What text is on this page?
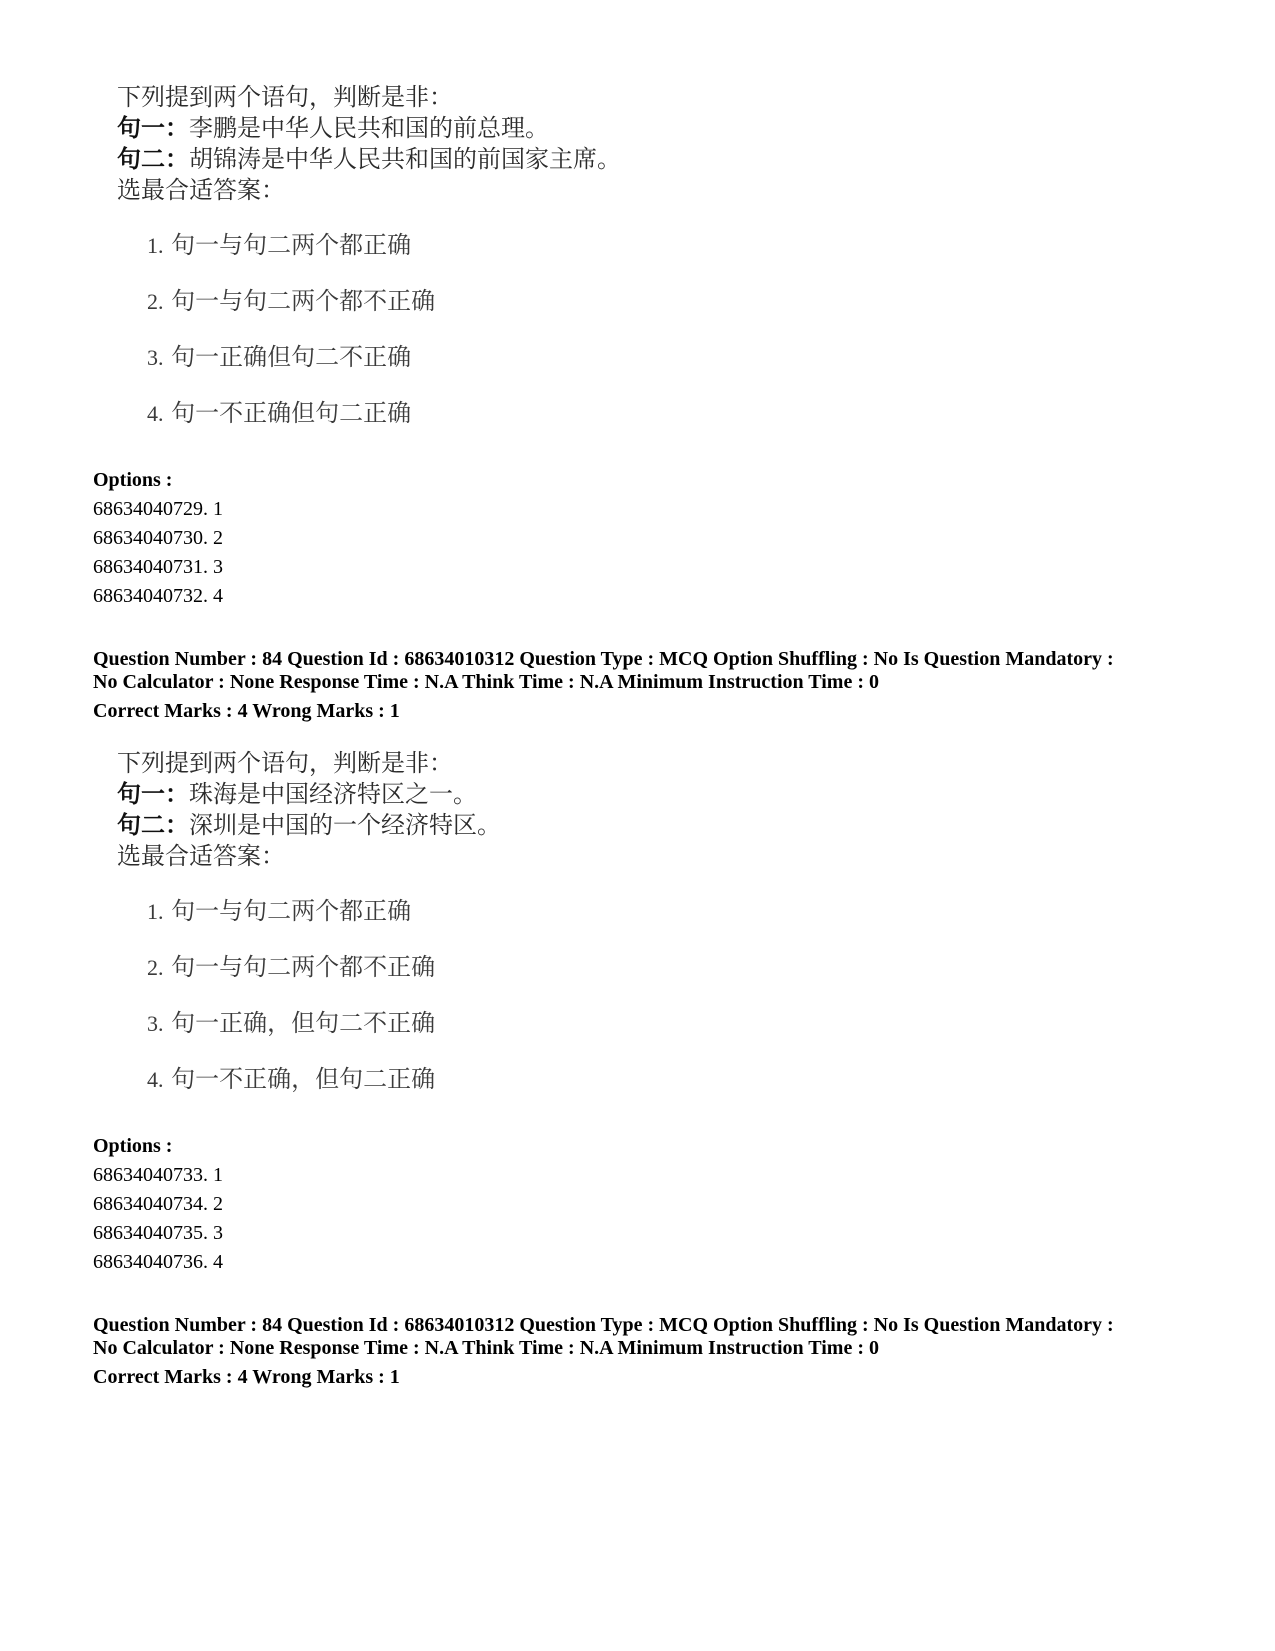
下列提到两个语句，判断是非：
句一：李鹏是中华人民共和国的前总理。
句二：胡锦涛是中华人民共和国的前国家主席。
选最合适答案：
1. 句一与句二两个都正确
2. 句一与句二两个都不正确
3. 句一正确但句二不正确
4. 句一不正确但句二正确
Options :
68634040729. 1
68634040730. 2
68634040731. 3
68634040732. 4
Question Number : 84 Question Id : 68634010312 Question Type : MCQ Option Shuffling : No Is Question Mandatory :
No Calculator : None Response Time : N.A Think Time : N.A Minimum Instruction Time : 0
Correct Marks : 4 Wrong Marks : 1
下列提到两个语句，判断是非：
句一：珠海是中国经济特区之一。
句二：深圳是中国的一个经济特区。
选最合适答案：
1. 句一与句二两个都正确
2. 句一与句二两个都不正确
3. 句一正确，但句二不正确
4. 句一不正确，但句二正确
Options :
68634040733. 1
68634040734. 2
68634040735. 3
68634040736. 4
Question Number : 84 Question Id : 68634010312 Question Type : MCQ Option Shuffling : No Is Question Mandatory :
No Calculator : None Response Time : N.A Think Time : N.A Minimum Instruction Time : 0
Correct Marks : 4 Wrong Marks : 1
